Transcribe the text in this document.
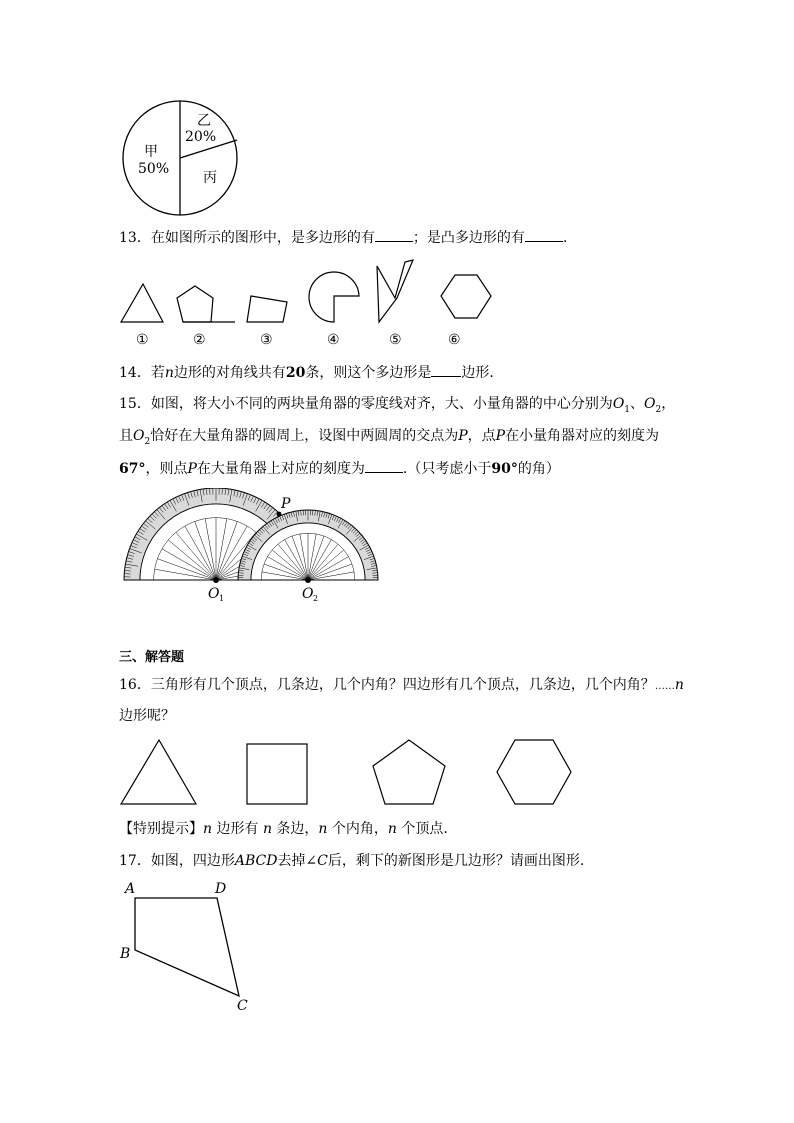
乙
20%
甲
50%
丙
13．在如图所示的图形中，是多边形的有	；是凸多边形的有	.
①	②	③	④	⑤	⑥
14．若n边形的对角线共有20条，则这个多边形是 边形.
15．如图，将大小不同的两块量角器的零度线对齐，大、小量角器的中心分别为$O_1$、$O_2$，
且$O_2$恰好在大量角器的圆周上，设图中两圆周的交点为P，点P在小量角器对应的刻度为
67°，则点P在大量角器上对应的刻度为	.（只考虑小于90°的角）
P
O 1	O 2
三、解答题
16．三角形有几个顶点，几条边，几个内角？四边形有几个顶点，几条边，几个内角？……n
边形呢？
【特别提示】n 边形有 n 条边，n 个内角，n 个顶点.
17．如图，四边形ABCD去掉∠C后，剩下的新图形是几边形？请画出图形.
A	D
B
C
